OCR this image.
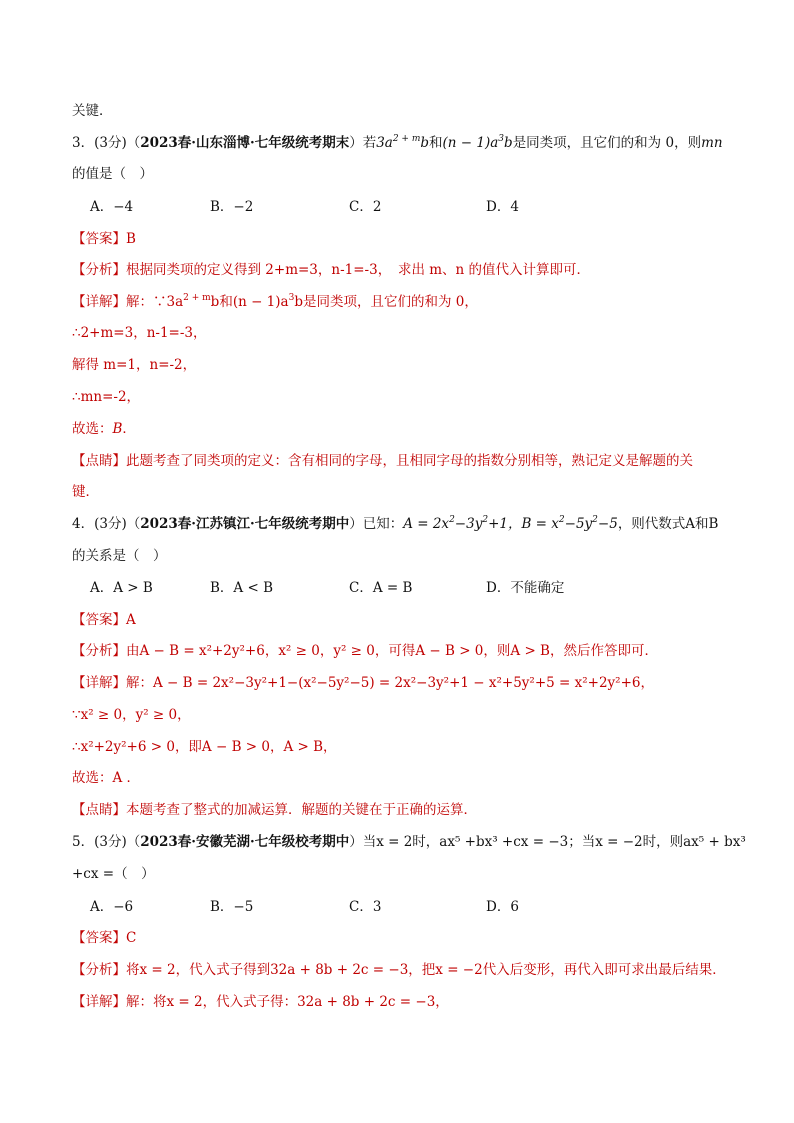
关键．
3．(3分)（2023春·山东淄博·七年级统考期末）若$3a^{2 + m}b$和$(n - 1)a^3b$是同类项，且它们的和为 0，则mn
的值是（　）
A．−4	B．−2	C．2	D．4
【答案】B
【分析】根据同类项的定义得到 2+m=3，n-1=-3，　求出 m、n 的值代入计算即可．
【详解】解：$\because 3a^{2 + m}b$和$(n - 1)a^3b$是同类项，且它们的和为 0，
∴2+m=3，n-1=-3，
解得 m=1，n=-2，
∴mn=-2，
故选：B．
【点睛】此题考查了同类项的定义：含有相同的字母，且相同字母的指数分别相等，熟记定义是解题的关
键．
4．(3分)（2023春·江苏镇江·七年级统考期中）已知：$A = 2x^2-3y^2+1$，$B = x^2-5y^2-5$，则代数式A和B
的关系是（　）
A．A > B	B．A < B	C．A = B	D．不能确定
【答案】A
【分析】由A − B = x²+2y²+6，x² ≥ 0，y² ≥ 0，可得A − B > 0，则A > B，然后作答即可．
【详解】解：A − B = 2x²−3y²+1−(x²−5y²−5) = 2x²−3y²+1 − x²+5y²+5 = x²+2y²+6，
∵x² ≥ 0，y² ≥ 0，
∴x²+2y²+6 > 0，即A − B > 0，A > B，
故选：A ．
【点睛】本题考查了整式的加减运算．解题的关键在于正确的运算．
5．(3分)（2023春·安徽芜湖·七年级校考期中）当x = 2时，ax⁵ +bx³ +cx = −3；当x = −2时，则ax⁵ + bx³
+cx =（　）
A．−6	B．−5	C．3	D．6
【答案】C
【分析】将x = 2，代入式子得到32a + 8b + 2c = −3，把x = −2代入后变形，再代入即可求出最后结果．
【详解】解：将x = 2，代入式子得：32a + 8b + 2c = −3，
